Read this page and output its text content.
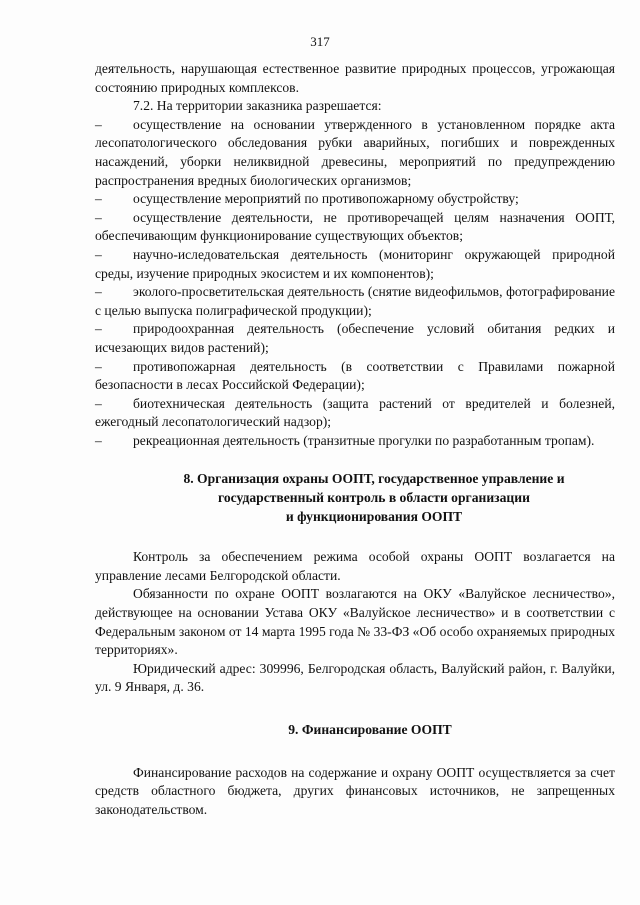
317

деятельность, нарушающая естественное развитие природных процессов, угрожающая состоянию природных комплексов.

7.2. На территории заказника разрешается:

– осуществление на основании утвержденного в установленном порядке акта лесопатологического обследования рубки аварийных, погибших и поврежденных насаждений, уборки неликвидной древесины, мероприятий по предупреждению распространения вредных биологических организмов;

– осуществление мероприятий по противопожарному обустройству;

– осуществление деятельности, не противоречащей целям назначения ООПТ, обеспечивающим функционирование существующих объектов;

– научно-иследовательская деятельность (мониторинг окружающей природной среды, изучение природных экосистем и их компонентов);

– эколого-просветительская деятельность (снятие видеофильмов, фотографирование с целью выпуска полиграфической продукции);

– природоохранная деятельность (обеспечение условий обитания редких и исчезающих видов растений);

– противопожарная деятельность (в соответствии с Правилами пожарной безопасности в лесах Российской Федерации);

– биотехническая деятельность (защита растений от вредителей и болезней, ежегодный лесопатологический надзор);

– рекреационная деятельность (транзитные прогулки по разработанным тропам).

8. Организация охраны ООПТ, государственное управление и
государственный контроль в области организации
и функционирования ООПТ

Контроль за обеспечением режима особой охраны ООПТ возлагается на управление лесами Белгородской области.

Обязанности по охране ООПТ возлагаются на ОКУ «Валуйское лесничество», действующее на основании Устава ОКУ «Валуйское лесничество» и в соответствии с Федеральным законом от 14 марта 1995 года № 33-ФЗ «Об особо охраняемых природных территориях».

Юридический адрес: 309996, Белгородская область, Валуйский район, г. Валуйки, ул. 9 Января, д. 36.

9. Финансирование ООПТ

Финансирование расходов на содержание и охрану ООПТ осуществляется за счет средств областного бюджета, других финансовых источников, не запрещенных законодательством.
